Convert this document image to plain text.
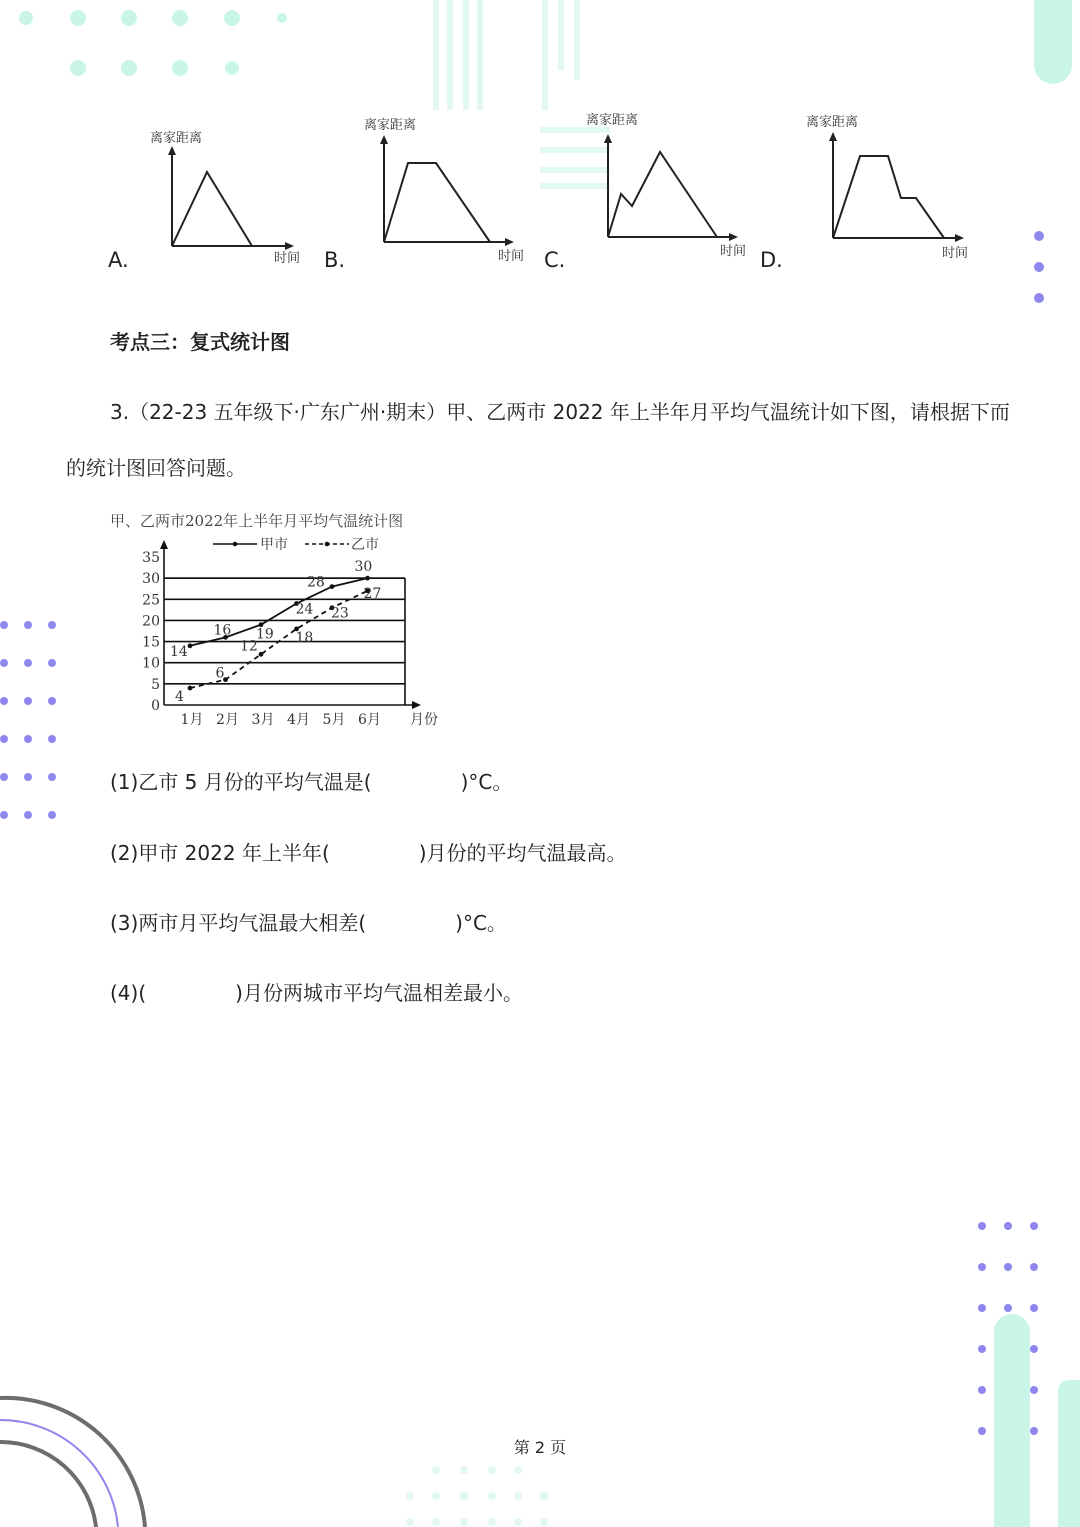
A.
离家距离
时间 B.
离家距离
时间 C.
离家距离
时间 D.
离家距离
时间
考点三：复式统计图
3.（22-23 五年级下·广东广州·期末）甲、乙两市 2022 年上半年月平均气温统计如下图，请根据下而的统计图回答问题。
甲、乙两市2022年上半年月平均气温统计图
甲市	乙市
0
5
10
15
20
25
30
35
14
16 19
24
28
30
4
6
12
18
23
27
1月 2月 3月 4月 5月 6月 月份
(1)乙市 5 月份的平均气温是(              )°C。
(2)甲市 2022 年上半年(              )月份的平均气温最高。
(3)两市月平均气温最大相差(              )°C。
(4)(              )月份两城市平均气温相差最小。
第 2 页
